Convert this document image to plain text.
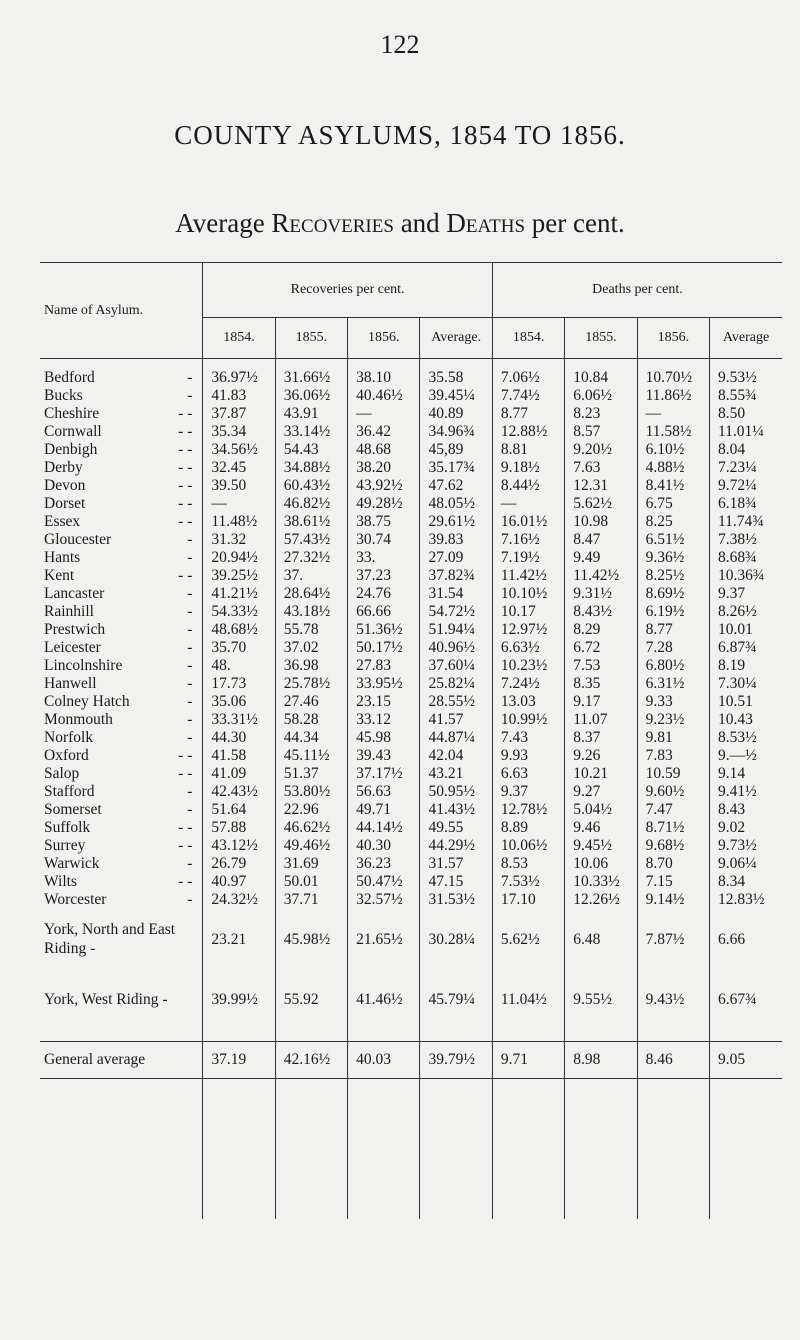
122
COUNTY ASYLUMS, 1854 TO 1856.
Average Recoveries and Deaths per cent.
Name of Asylum.	Recoveries per cent.				Deaths per cent.			
	1854.	1855.	1856.	Average.	1854.	1855.	1856.	Average
Bedford -	36.97½	31.66½	38.10	35.58	7.06½	10.84	10.70½	9.53½
Bucks -	41.83	36.06½	40.46½	39.45¼	7.74½	6.06½	11.86½	8.55¾
Cheshire - -	37.87	43.91	—	40.89	8.77	8.23	—	8.50
Cornwall - -	35.34	33.14½	36.42	34.96¾	12.88½	8.57	11.58½	11.01¼
Denbigh - -	34.56½	54.43	48.68	45,89	8.81	9.20½	6.10½	8.04
Derby - -	32.45	34.88½	38.20	35.17¾	9.18½	7.63	4.88½	7.23¼
Devon - -	39.50	60.43½	43.92½	47.62	8.44½	12.31	8.41½	9.72¼
Dorset - -	—	46.82½	49.28½	48.05½	—	5.62½	6.75	6.18¾
Essex - -	11.48½	38.61½	38.75	29.61½	16.01½	10.98	8.25	11.74¾
Gloucester -	31.32	57.43½	30.74	39.83	7.16½	8.47	6.51½	7.38½
Hants -	20.94½	27.32½	33.	27.09	7.19½	9.49	9.36½	8.68¾
Kent - -	39.25½	37.	37.23	37.82¾	11.42½	11.42½	8.25½	10.36¾
Lancaster -	41.21½	28.64½	24.76	31.54	10.10½	9.31½	8.69½	9.37
Rainhill -	54.33½	43.18½	66.66	54.72½	10.17	8.43½	6.19½	8.26½
Prestwich -	48.68½	55.78	51.36½	51.94¼	12.97½	8.29	8.77	10.01
Leicester -	35.70	37.02	50.17½	40.96½	6.63½	6.72	7.28	6.87¾
Lincolnshire -	48.	36.98	27.83	37.60¼	10.23½	7.53	6.80½	8.19
Hanwell -	17.73	25.78½	33.95½	25.82¼	7.24½	8.35	6.31½	7.30¼
Colney Hatch -	35.06	27.46	23.15	28.55½	13.03	9.17	9.33	10.51
Monmouth -	33.31½	58.28	33.12	41.57	10.99½	11.07	9.23½	10.43
Norfolk -	44.30	44.34	45.98	44.87¼	7.43	8.37	9.81	8.53½
Oxford - -	41.58	45.11½	39.43	42.04	9.93	9.26	7.83	9.—½
Salop - -	41.09	51.37	37.17½	43.21	6.63	10.21	10.59	9.14
Stafford -	42.43½	53.80½	56.63	50.95½	9.37	9.27	9.60½	9.41½
Somerset -	51.64	22.96	49.71	41.43½	12.78½	5.04½	7.47	8.43
Suffolk - -	57.88	46.62½	44.14½	49.55	8.89	9.46	8.71½	9.02
Surrey - -	43.12½	49.46½	40.30	44.29½	10.06½	9.45½	9.68½	9.73½
Warwick -	26.79	31.69	36.23	31.57	8.53	10.06	8.70	9.06¼
Wilts - -	40.97	50.01	50.47½	47.15	7.53½	10.33½	7.15	8.34
Worcester -	24.32½	37.71	32.57½	31.53½	17.10	12.26½	9.14½	12.83½
York, North and East Riding -	23.21	45.98½	21.65½	30.28¼	5.62½	6.48	7.87½	6.66
York, West Riding -	39.99½	55.92	41.46½	45.79¼	11.04½	9.55½	9.43½	6.67¾

General average	37.19	42.16½	40.03	39.79½	9.71	8.98	8.46	9.05
